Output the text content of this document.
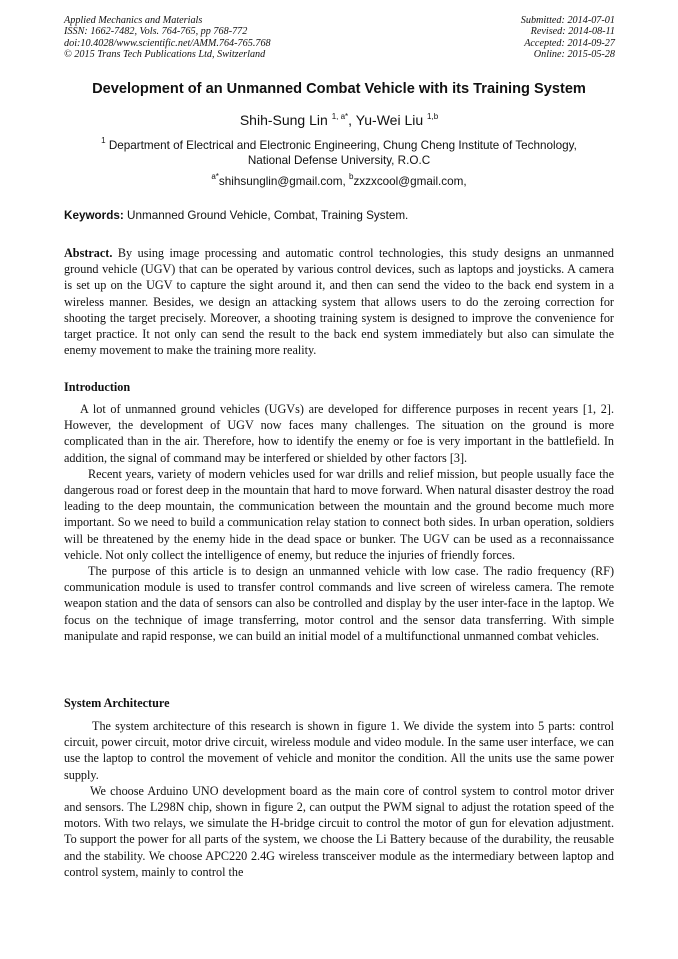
Applied Mechanics and Materials
ISSN: 1662-7482, Vols. 764-765, pp 768-772
doi:10.4028/www.scientific.net/AMM.764-765.768
© 2015 Trans Tech Publications Ltd, Switzerland
Submitted: 2014-07-01
Revised: 2014-08-11
Accepted: 2014-09-27
Online: 2015-05-28
Development of an Unmanned Combat Vehicle with its Training System
Shih-Sung Lin $^{1, a*}$, Yu-Wei Liu $^{1,b}$
$^1$ Department of Electrical and Electronic Engineering, Chung Cheng Institute of Technology,
National Defense University, R.O.C
$^{a*}$shihsunglin@gmail.com, $^b$zxzxcool@gmail.com,
Keywords: Unmanned Ground Vehicle, Combat, Training System.

Abstract. By using image processing and automatic control technologies, this study designs an unmanned ground vehicle (UGV) that can be operated by various control devices, such as laptops and joysticks. A camera is set up on the UGV to capture the sight around it, and then can send the video to the back end system in a wireless manner. Besides, we design an attacking system that allows users to do the zeroing correction for shooting the target precisely. Moreover, a shooting training system is designed to improve the convenience for target practice. It not only can send the result to the back end system immediately but also can simulate the enemy movement to make the training more reality.

Introduction

A lot of unmanned ground vehicles (UGVs) are developed for difference purposes in recent years [1, 2]. However, the development of UGV now faces many challenges. The situation on the ground is more complicated than in the air. Therefore, how to identify the enemy or foe is very important in the battlefield. In addition, the signal of command may be interfered or shielded by other factors [3].

Recent years, variety of modern vehicles used for war drills and relief mission, but people usually face the dangerous road or forest deep in the mountain that hard to move forward. When natural disaster destroy the road leading to the deep mountain, the communication between the mountain and the ground become much more important. So we need to build a communication relay station to connect both sides. In urban operation, soldiers will be threatened by the enemy hide in the dead space or bunker. The UGV can be used as a reconnaissance vehicle. Not only collect the intelligence of enemy, but reduce the injuries of friendly forces.

The purpose of this article is to design an unmanned vehicle with low case. The radio frequency (RF) communication module is used to transfer control commands and live screen of wireless camera. The remote weapon station and the data of sensors can also be controlled and display by the user inter-face in the laptop. We focus on the technique of image transferring, motor control and the sensor data transferring. With simple manipulate and rapid response, we can build an initial model of a multifunctional unmanned combat vehicles.

System Architecture

The system architecture of this research is shown in figure 1. We divide the system into 5 parts: control circuit, power circuit, motor drive circuit, wireless module and video module. In the same user interface, we can use the laptop to control the movement of vehicle and monitor the condition. All the units use the same power supply.

We choose Arduino UNO development board as the main core of control system to control motor driver and sensors. The L298N chip, shown in figure 2, can output the PWM signal to adjust the rotation speed of the motors. With two relays, we simulate the H-bridge circuit to control the motor of gun for elevation adjustment. To support the power for all parts of the system, we choose the Li Battery because of the durability, the reusable and the stability. We choose APC220 2.4G wireless transceiver module as the intermediary between laptop and control system, mainly to control the
